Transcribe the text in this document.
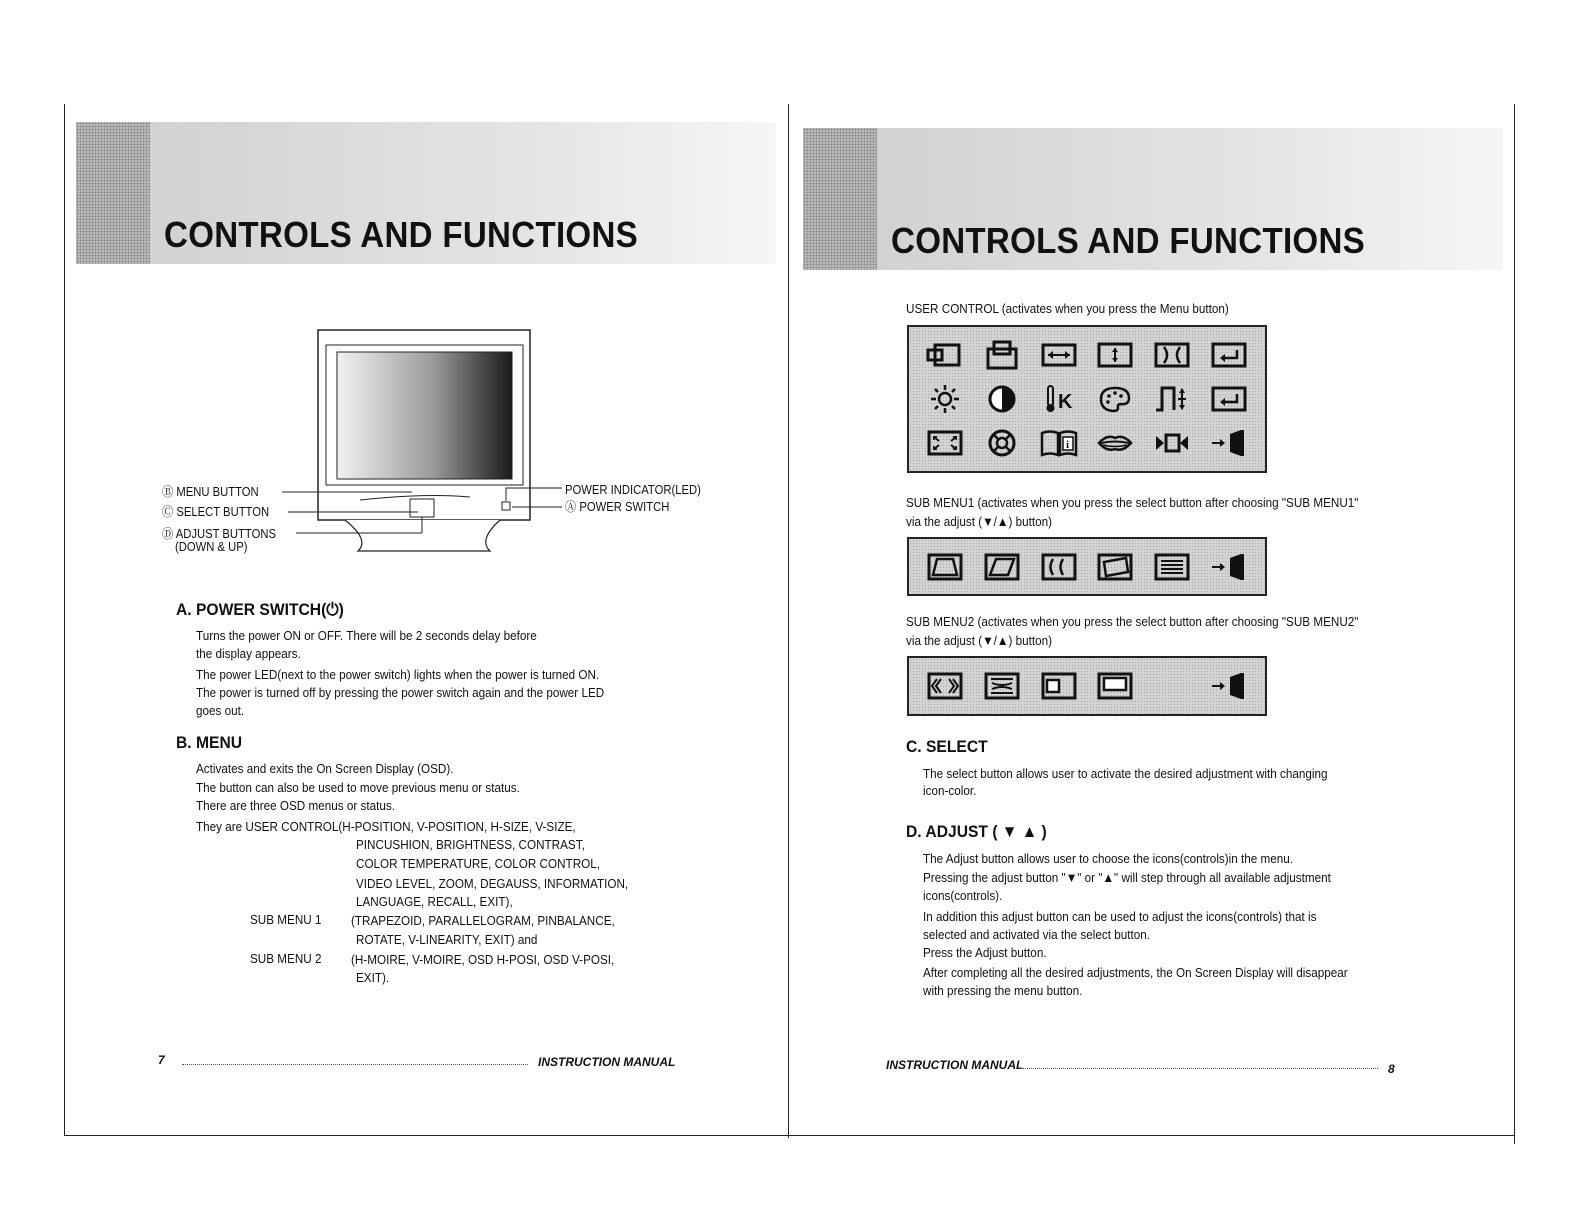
CONTROLS AND FUNCTIONS
Ⓑ MENU BUTTON
Ⓒ SELECT BUTTON
Ⓓ ADJUST BUTTONS
(DOWN & UP)
POWER INDICATOR(LED)
Ⓐ POWER SWITCH
A. POWER SWITCH(⏻)
Turns the power ON or OFF. There will be 2 seconds delay before
the display appears.
The power LED(next to the power switch) lights when the power is turned ON.
The power is turned off by pressing the power switch again and the power LED
goes out.
B. MENU
Activates and exits the On Screen Display (OSD).
The button can also be used to move previous menu or status.
There are three OSD menus or status.
They are USER CONTROL(H-POSITION, V-POSITION, H-SIZE, V-SIZE,
PINCUSHION, BRIGHTNESS, CONTRAST,
COLOR TEMPERATURE, COLOR CONTROL,
VIDEO LEVEL, ZOOM, DEGAUSS, INFORMATION,
LANGUAGE, RECALL, EXIT),
SUB MENU 1 (TRAPEZOID, PARALLELOGRAM, PINBALANCE,
ROTATE, V-LINEARITY, EXIT) and
SUB MENU 2 (H-MOIRE, V-MOIRE, OSD H-POSI, OSD V-POSI,
EXIT).
7	INSTRUCTION MANUAL
CONTROLS AND FUNCTIONS
USER CONTROL (activates when you press the Menu button)
K
i
SUB MENU1 (activates when you press the select button after choosing "SUB MENU1"
via the adjust (▼/▲) button)
SUB MENU2 (activates when you press the select button after choosing "SUB MENU2"
via the adjust (▼/▲) button)
C. SELECT
The select button allows user to activate the desired adjustment with changing
icon-color.
D. ADJUST ( ▼ ▲ )
The Adjust button allows user to choose the icons(controls)in the menu.
Pressing the adjust button "▼" or "▲" will step through all available adjustment
icons(controls).
In addition this adjust button can be used to adjust the icons(controls) that is
selected and activated via the select button.
Press the Adjust button.
After completing all the desired adjustments, the On Screen Display will disappear
with pressing the menu button.
INSTRUCTION MANUAL	8
